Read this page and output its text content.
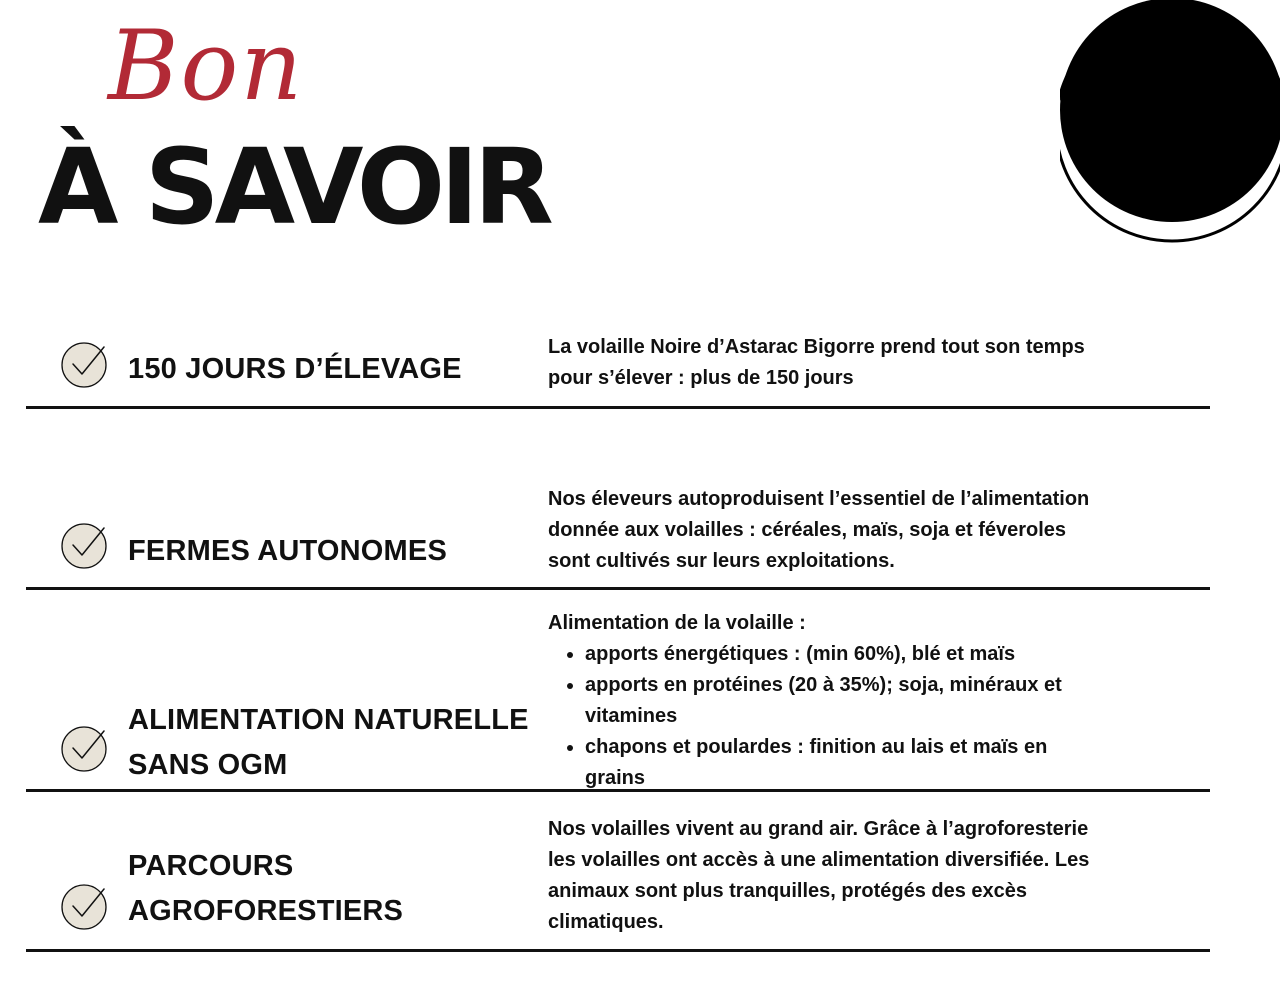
Bon
À SAVOIR
150 JOURS D’ÉLEVAGE
La volaille Noire d’Astarac Bigorre prend tout son temps
pour s’élever : plus de 150 jours
FERMES AUTONOMES
Nos éleveurs autoproduisent l’essentiel de l’alimentation
donnée aux volailles : céréales, maïs, soja et féveroles
sont cultivés sur leurs exploitations.
ALIMENTATION NATURELLE
SANS OGM
Alimentation de la volaille :
• apports énergétiques : (min 60%), blé et maïs
• apports en protéines (20 à 35%); soja, minéraux et vitamines
• chapons et poulardes : finition au lais et maïs en grains
PARCOURS
AGROFORESTIERS
Nos volailles vivent au grand air. Grâce à l’agroforesterie
les volailles ont accès à une alimentation diversifiée. Les
animaux sont plus tranquilles, protégés des excès
climatiques.
